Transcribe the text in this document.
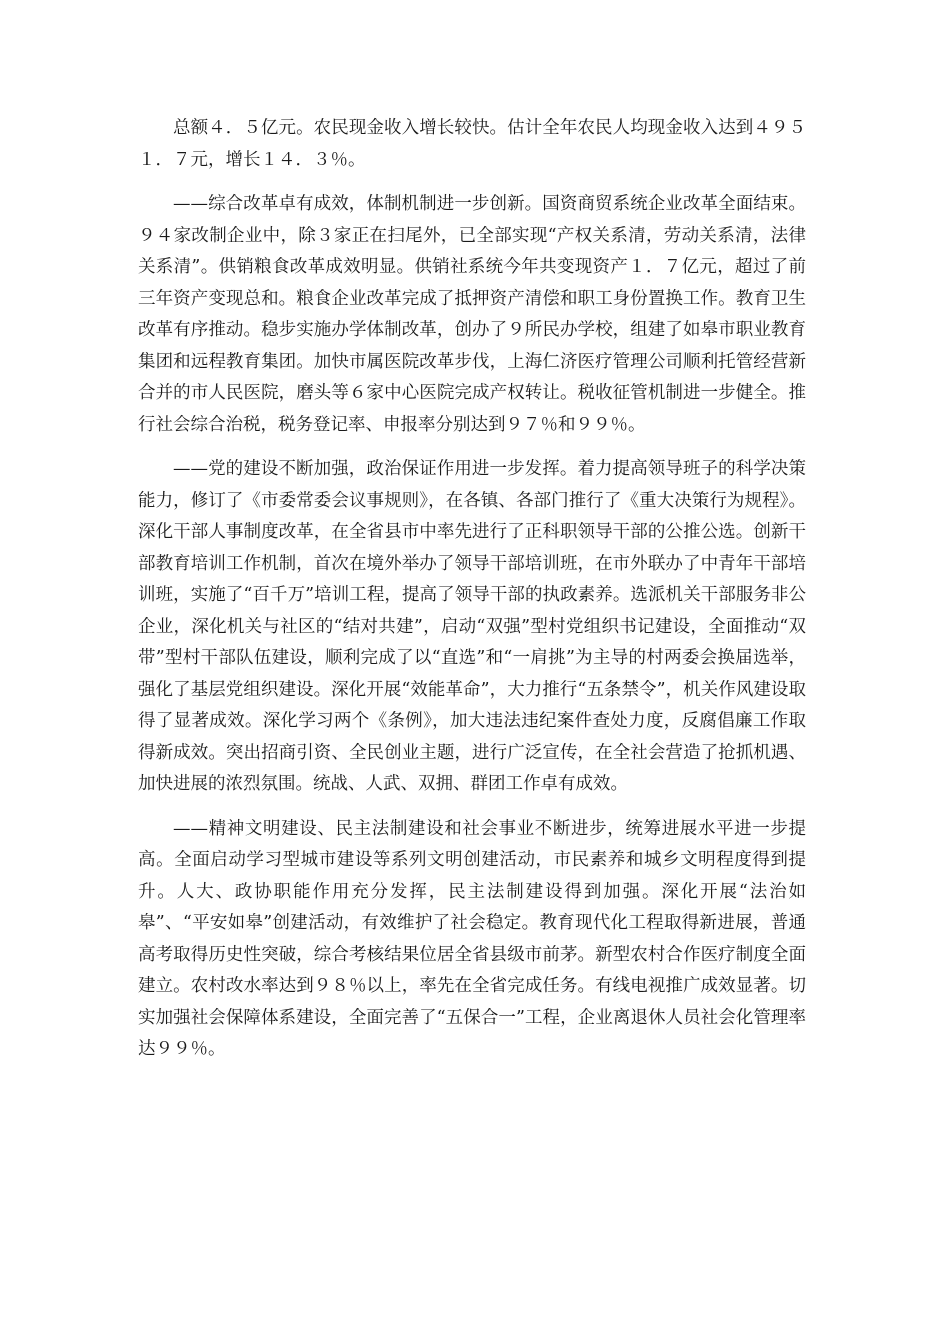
总额４．５亿元。农民现金收入增长较快。估计全年农民人均现金收入达到４９５１．７元，增长１４．３％。

——综合改革卓有成效，体制机制进一步创新。国资商贸系统企业改革全面结束。９４家改制企业中，除３家正在扫尾外，已全部实现“产权关系清，劳动关系清，法律关系清”。供销粮食改革成效明显。供销社系统今年共变现资产１．７亿元，超过了前三年资产变现总和。粮食企业改革完成了抵押资产清偿和职工身份置换工作。教育卫生改革有序推动。稳步实施办学体制改革，创办了９所民办学校，组建了如皋市职业教育集团和远程教育集团。加快市属医院改革步伐，上海仁济医疗管理公司顺利托管经营新合并的市人民医院，磨头等６家中心医院完成产权转让。税收征管机制进一步健全。推行社会综合治税，税务登记率、申报率分别达到９７％和９９％。

——党的建设不断加强，政治保证作用进一步发挥。着力提高领导班子的科学决策能力，修订了《市委常委会议事规则》，在各镇、各部门推行了《重大决策行为规程》。深化干部人事制度改革，在全省县市中率先进行了正科职领导干部的公推公选。创新干部教育培训工作机制，首次在境外举办了领导干部培训班，在市外联办了中青年干部培训班，实施了“百千万”培训工程，提高了领导干部的执政素养。选派机关干部服务非公企业，深化机关与社区的“结对共建”，启动“双强”型村党组织书记建设，全面推动“双带”型村干部队伍建设，顺利完成了以“直选”和“一肩挑”为主导的村两委会换届选举，强化了基层党组织建设。深化开展“效能革命”，大力推行“五条禁令”，机关作风建设取得了显著成效。深化学习两个《条例》，加大违法违纪案件查处力度，反腐倡廉工作取得新成效。突出招商引资、全民创业主题，进行广泛宣传，在全社会营造了抢抓机遇、加快进展的浓烈氛围。统战、人武、双拥、群团工作卓有成效。

——精神文明建设、民主法制建设和社会事业不断进步，统筹进展水平进一步提高。全面启动学习型城市建设等系列文明创建活动，市民素养和城乡文明程度得到提升。人大、政协职能作用充分发挥，民主法制建设得到加强。深化开展“法治如皋”、“平安如皋”创建活动，有效维护了社会稳定。教育现代化工程取得新进展，普通高考取得历史性突破，综合考核结果位居全省县级市前茅。新型农村合作医疗制度全面建立。农村改水率达到９８％以上，率先在全省完成任务。有线电视推广成效显著。切实加强社会保障体系建设，全面完善了“五保合一”工程，企业离退休人员社会化管理率达９９％。
